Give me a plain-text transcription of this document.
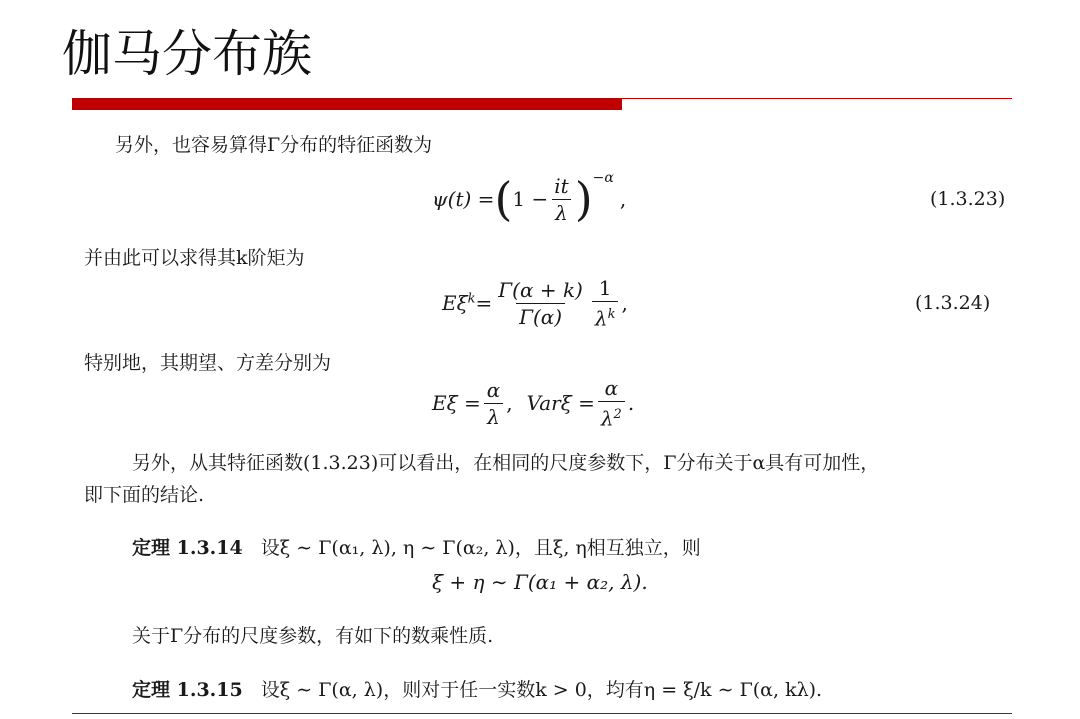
伽马分布族
另外，也容易算得Γ分布的特征函数为
ψ(t) = ( $1 - \frac{it}{\lambda}$ ) −α
,	(1.3.23)
并由此可以求得其k阶矩为
$E\xi^k = \frac{\Gamma(\alpha + k)}{\Gamma(\alpha)} \frac{1}{\lambda^k}$ ,	(1.3.24)
特别地，其期望、方差分别为
$E\xi = \frac{\alpha}{\lambda}$ , $Var\xi = \frac{\alpha}{\lambda^2}$ .
另外，从其特征函数(1.3.23)可以看出，在相同的尺度参数下，Γ分布关于α具有可加性，
即下面的结论.
定理 1.3.14 设ξ ∼ Γ(α₁, λ), η ∼ Γ(α₂, λ)，且ξ, η相互独立，则
ξ + η ∼ Γ(α₁ + α₂, λ).
关于Γ分布的尺度参数，有如下的数乘性质.
定理 1.3.15 设ξ ∼ Γ(α, λ)，则对于任一实数k > 0，均有η = ξ/k ∼ Γ(α, kλ).
